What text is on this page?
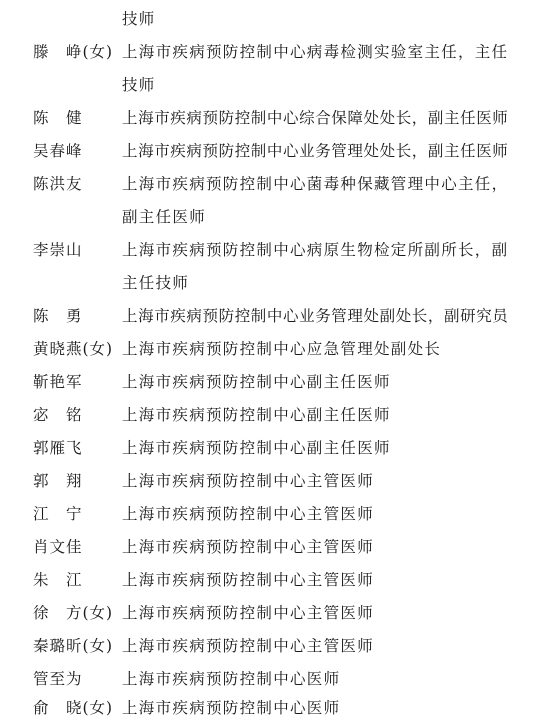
技师
滕　峥(女) 上海市疾病预防控制中心病毒检测实验室主任，主任
技师
陈　健	上海市疾病预防控制中心综合保障处处长，副主任医师
吴春峰	上海市疾病预防控制中心业务管理处处长，副主任医师
陈洪友	上海市疾病预防控制中心菌毒种保藏管理中心主任，
副主任医师
李崇山	上海市疾病预防控制中心病原生物检定所副所长，副
主任技师
陈　勇	上海市疾病预防控制中心业务管理处副处长，副研究员
黄晓燕(女) 上海市疾病预防控制中心应急管理处副处长
靳艳军	上海市疾病预防控制中心副主任医师
宓　铭	上海市疾病预防控制中心副主任医师
郭雁飞	上海市疾病预防控制中心副主任医师
郭　翔	上海市疾病预防控制中心主管医师
江　宁	上海市疾病预防控制中心主管医师
肖文佳	上海市疾病预防控制中心主管医师
朱　江	上海市疾病预防控制中心主管医师
徐　方(女) 上海市疾病预防控制中心主管医师
秦璐昕(女) 上海市疾病预防控制中心主管医师
管至为	上海市疾病预防控制中心医师
俞　晓(女) 上海市疾病预防控制中心医师
